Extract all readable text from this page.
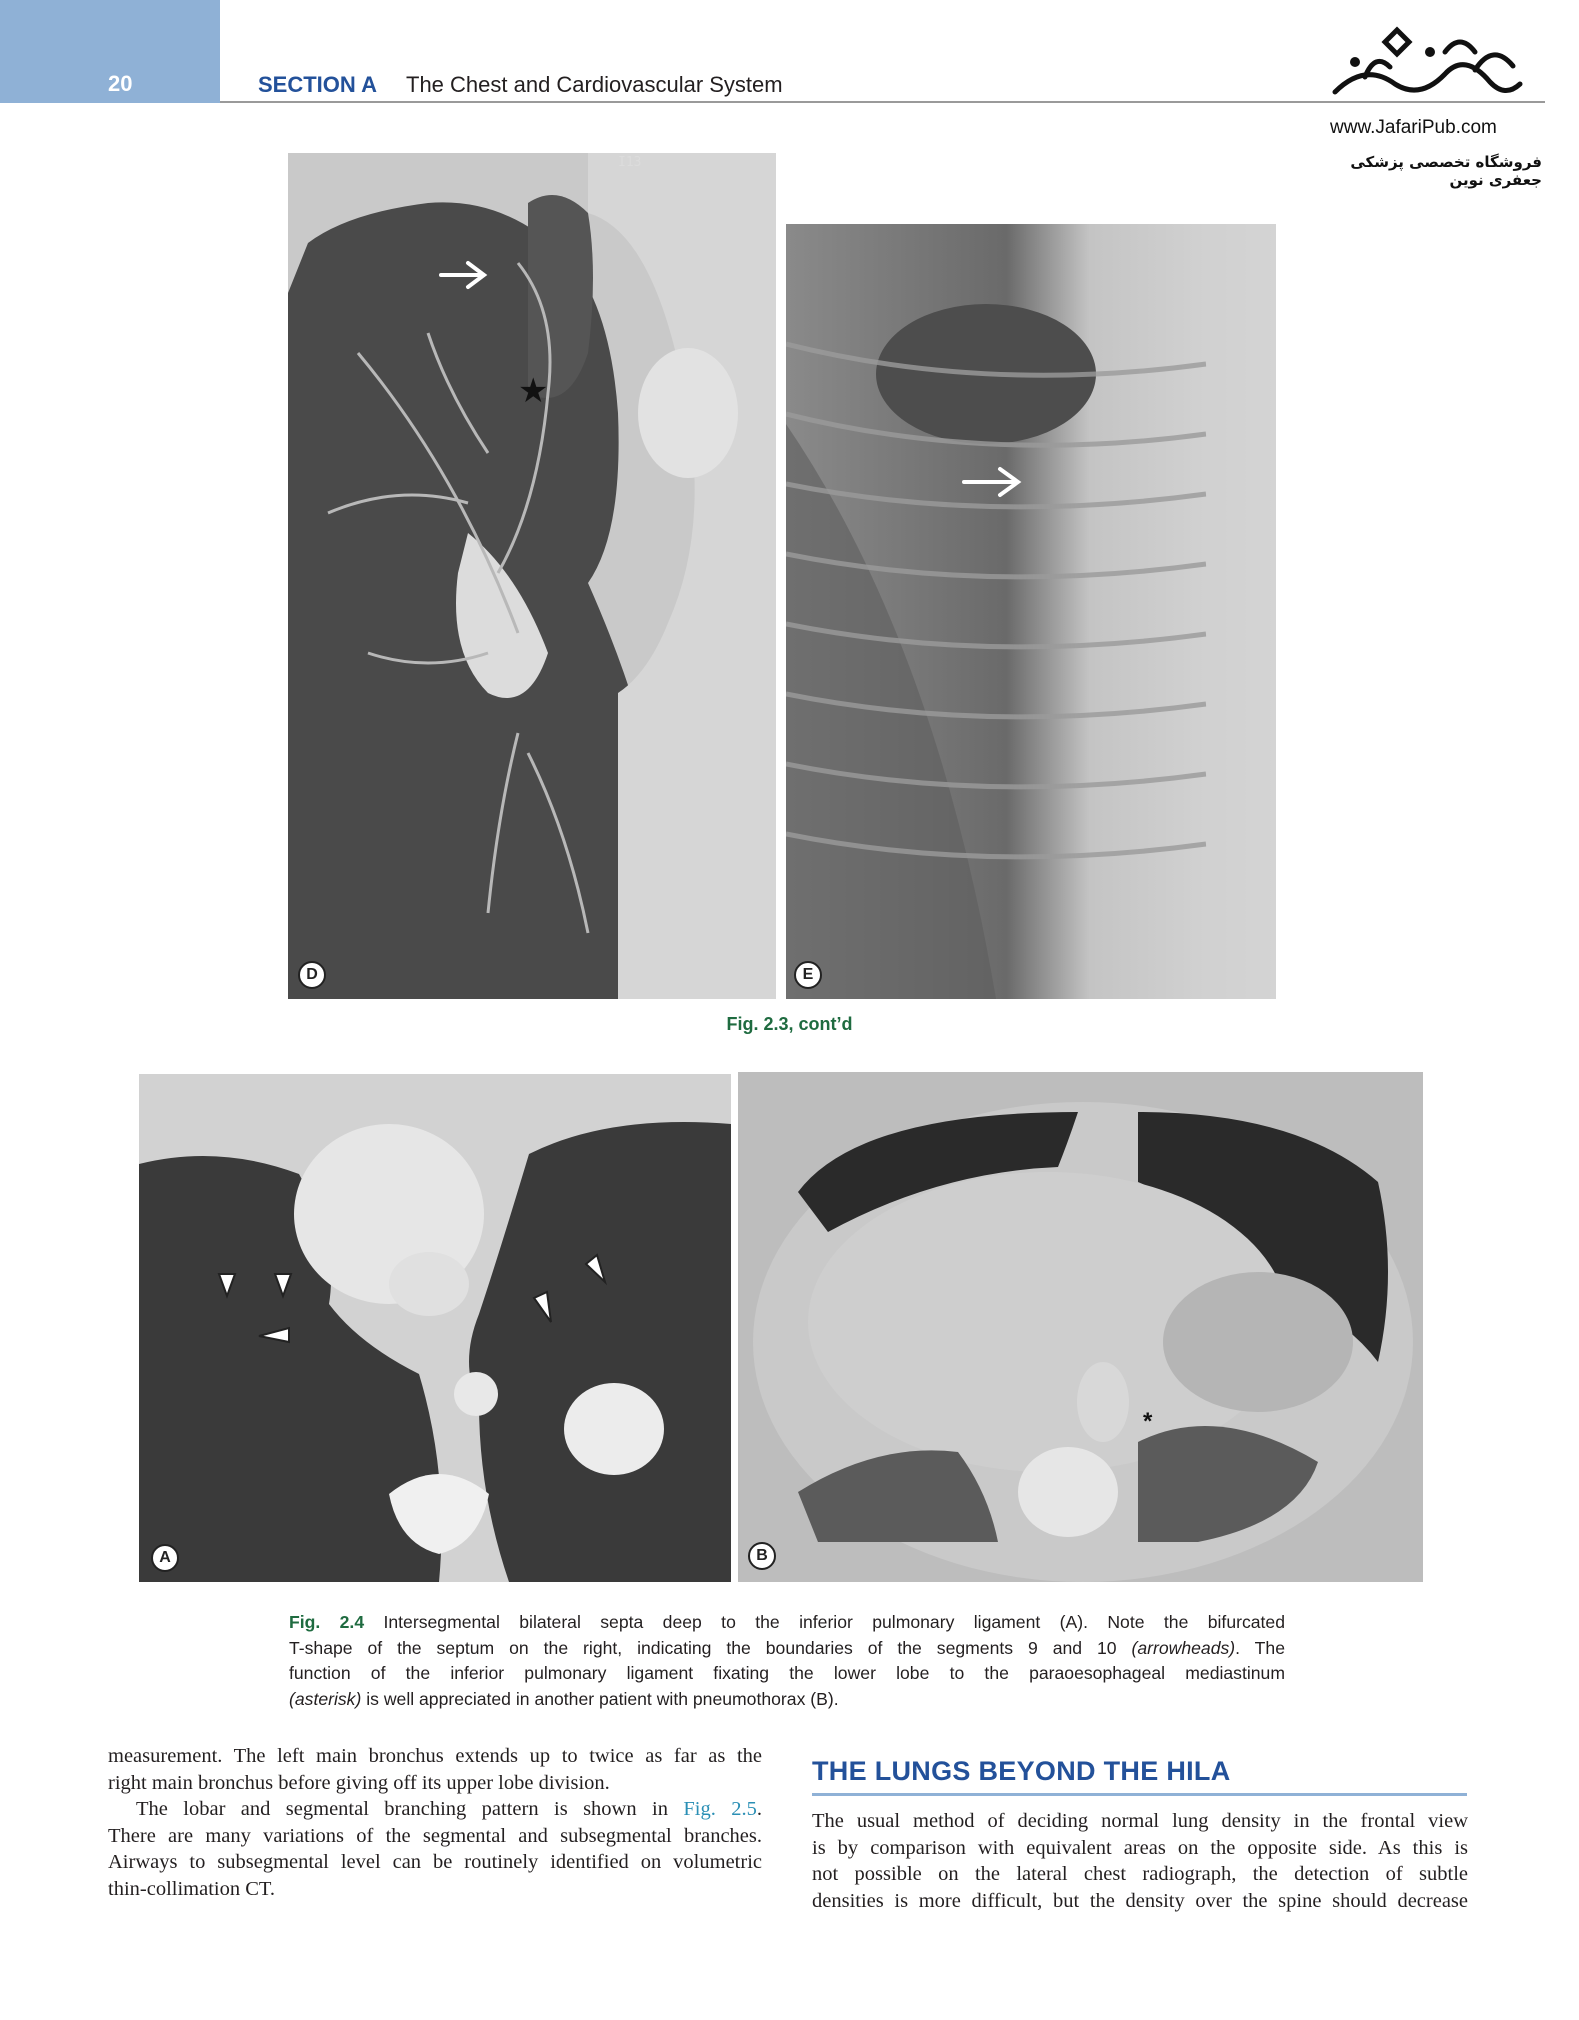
20	SECTION A The Chest and Cardiovascular System
www.JafariPub.com
فروشگاه تخصصی پزشکی جعفری نوین
I13
★
D	E
Fig. 2.3, cont’d
A
*
B
Fig. 2.4 Intersegmental bilateral septa deep to the inferior pulmonary ligament (A). Note the bifurcated
T-shape of the septum on the right, indicating the boundaries of the segments 9 and 10 (arrowheads). The
function of the inferior pulmonary ligament fixating the lower lobe to the paraoesophageal mediastinum
(asterisk) is well appreciated in another patient with pneumothorax (B).
measurement. The left main bronchus extends up to twice as far as the
right main bronchus before giving off its upper lobe division.
The lobar and segmental branching pattern is shown in Fig. 2.5.
There are many variations of the segmental and subsegmental branches.
Airways to subsegmental level can be routinely identified on volumetric
thin-collimation CT.
THE LUNGS BEYOND THE HILA
The usual method of deciding normal lung density in the frontal view
is by comparison with equivalent areas on the opposite side. As this is
not possible on the lateral chest radiograph, the detection of subtle
densities is more difficult, but the density over the spine should decrease
